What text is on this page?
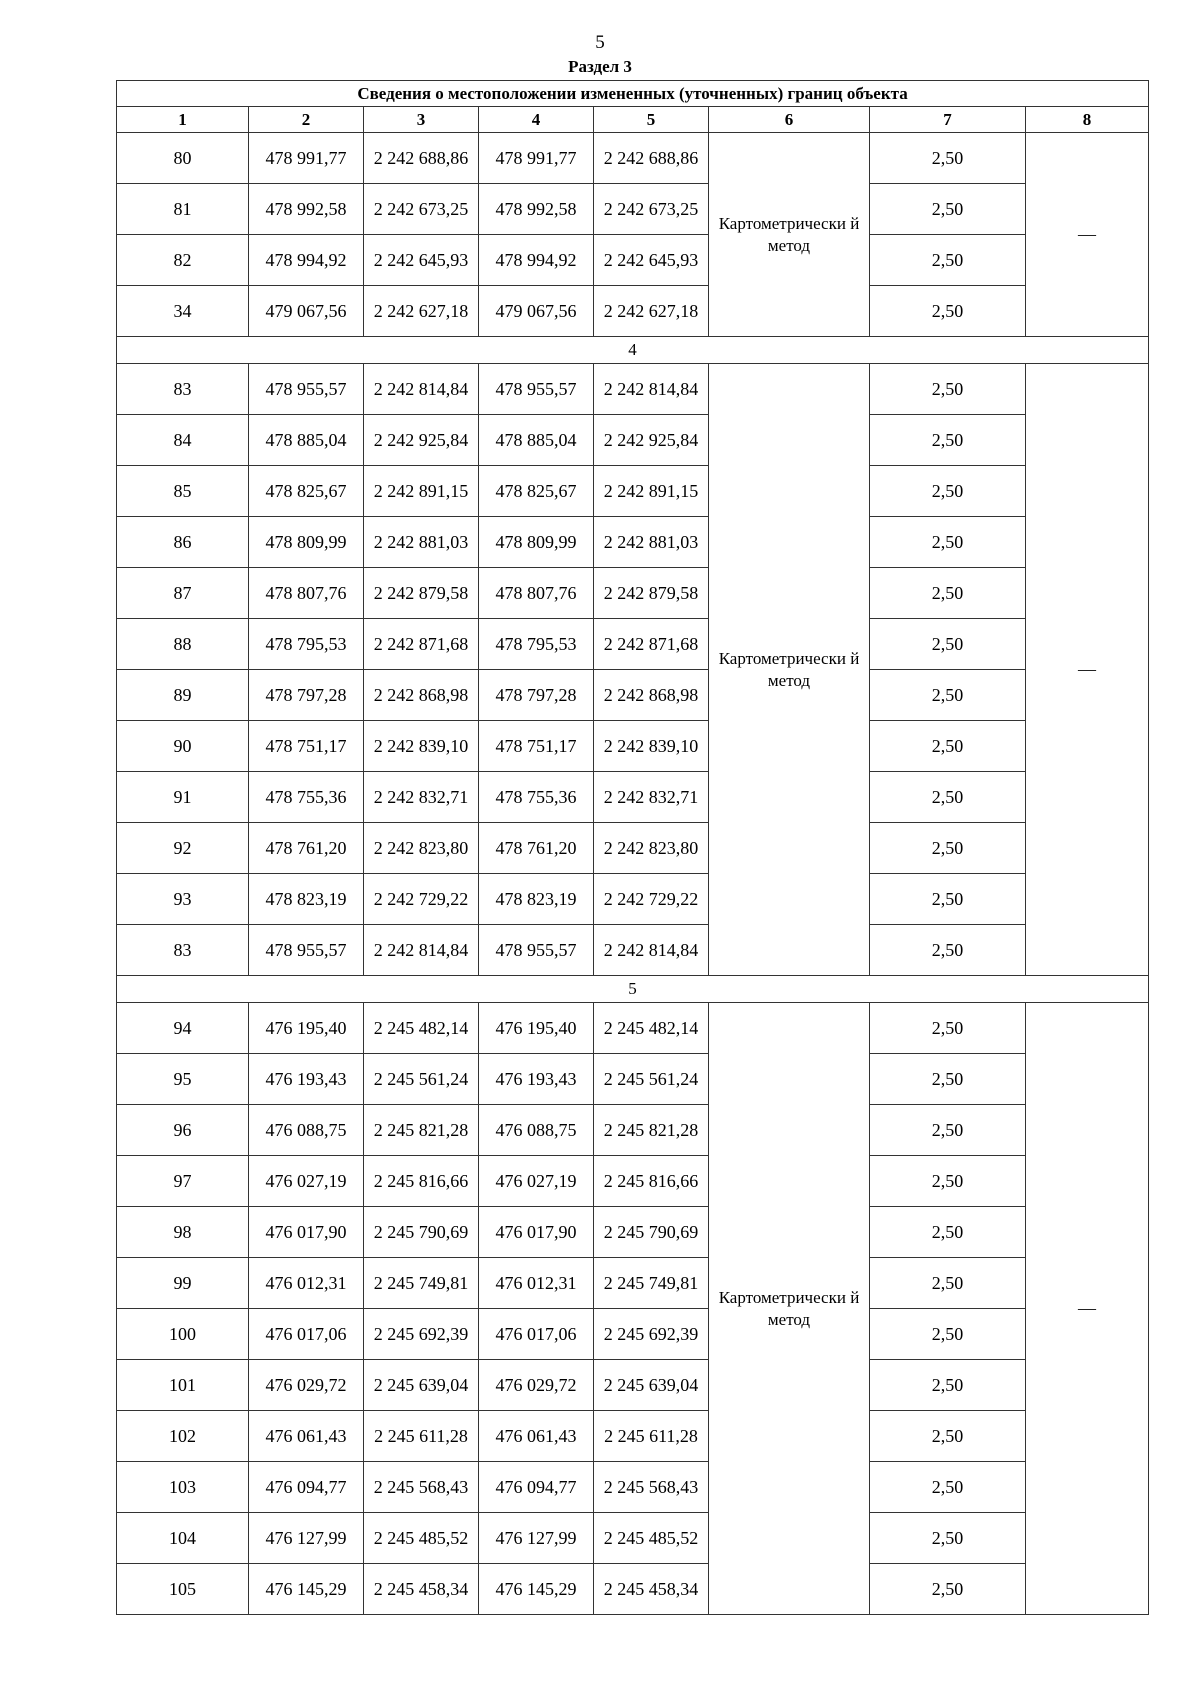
5
Раздел 3
Сведения о местоположении измененных (уточненных) границ объекта							
1	2	3	4	5	6	7	8
80	478 991,77	2 242 688,86	478 991,77	2 242 688,86	Картометрически й метод	2,50	—
81	478 992,58	2 242 673,25	478 992,58	2 242 673,25		2,50	
82	478 994,92	2 242 645,93	478 994,92	2 242 645,93		2,50	
34	479 067,56	2 242 627,18	479 067,56	2 242 627,18		2,50	
4							
83	478 955,57	2 242 814,84	478 955,57	2 242 814,84	Картометрически й метод	2,50	—
84	478 885,04	2 242 925,84	478 885,04	2 242 925,84		2,50	
85	478 825,67	2 242 891,15	478 825,67	2 242 891,15		2,50	
86	478 809,99	2 242 881,03	478 809,99	2 242 881,03		2,50	
87	478 807,76	2 242 879,58	478 807,76	2 242 879,58		2,50	
88	478 795,53	2 242 871,68	478 795,53	2 242 871,68		2,50	
89	478 797,28	2 242 868,98	478 797,28	2 242 868,98		2,50	
90	478 751,17	2 242 839,10	478 751,17	2 242 839,10		2,50	
91	478 755,36	2 242 832,71	478 755,36	2 242 832,71		2,50	
92	478 761,20	2 242 823,80	478 761,20	2 242 823,80		2,50	
93	478 823,19	2 242 729,22	478 823,19	2 242 729,22		2,50	
83	478 955,57	2 242 814,84	478 955,57	2 242 814,84		2,50	
5							
94	476 195,40	2 245 482,14	476 195,40	2 245 482,14	Картометрически й метод	2,50	—
95	476 193,43	2 245 561,24	476 193,43	2 245 561,24		2,50	
96	476 088,75	2 245 821,28	476 088,75	2 245 821,28		2,50	
97	476 027,19	2 245 816,66	476 027,19	2 245 816,66		2,50	
98	476 017,90	2 245 790,69	476 017,90	2 245 790,69		2,50	
99	476 012,31	2 245 749,81	476 012,31	2 245 749,81		2,50	
100	476 017,06	2 245 692,39	476 017,06	2 245 692,39		2,50	
101	476 029,72	2 245 639,04	476 029,72	2 245 639,04		2,50	
102	476 061,43	2 245 611,28	476 061,43	2 245 611,28		2,50	
103	476 094,77	2 245 568,43	476 094,77	2 245 568,43		2,50	
104	476 127,99	2 245 485,52	476 127,99	2 245 485,52		2,50	
105	476 145,29	2 245 458,34	476 145,29	2 245 458,34		2,50	
